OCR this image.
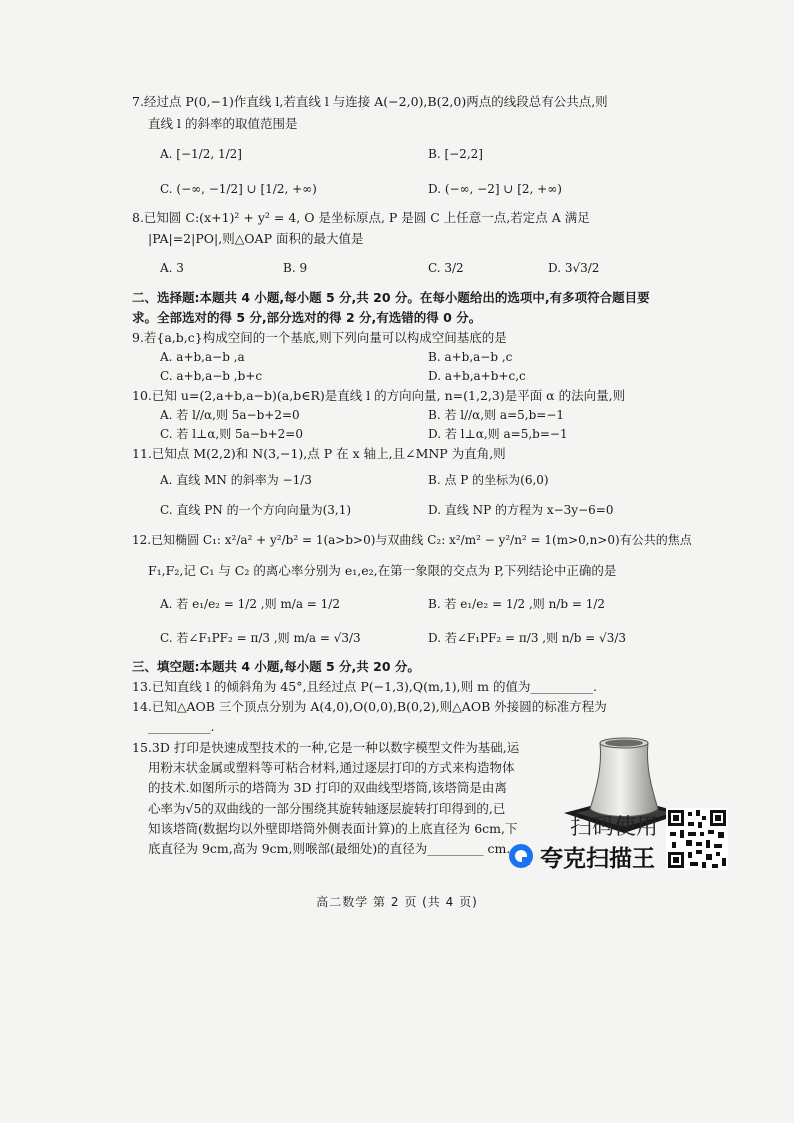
7.经过点 P(0,−1)作直线 l,若直线 l 与连接 A(−2,0),B(2,0)两点的线段总有公共点,则
直线 l 的斜率的取值范围是
A. [−1/2, 1/2]	B. [−2,2]
C. (−∞, −1/2] ∪ [1/2, +∞)	D. (−∞, −2] ∪ [2, +∞)
8.已知圆 C:(x+1)² + y² = 4, O 是坐标原点, P 是圆 C 上任意一点,若定点 A 满足
|PA|=2|PO|,则△OAP 面积的最大值是
A. 3	B. 9	C. 3/2	D. 3√3/2
二、选择题:本题共 4 小题,每小题 5 分,共 20 分。在每小题给出的选项中,有多项符合题目要
求。全部选对的得 5 分,部分选对的得 2 分,有选错的得 0 分。
9.若{a,b,c}构成空间的一个基底,则下列向量可以构成空间基底的是
A. a+b,a−b ,a	B. a+b,a−b ,c
C. a+b,a−b ,b+c	D. a+b,a+b+c,c
10.已知 u=(2,a+b,a−b)(a,b∈R)是直线 l 的方向向量, n=(1,2,3)是平面 α 的法向量,则
A. 若 l//α,则 5a−b+2=0	B. 若 l//α,则 a=5,b=−1
C. 若 l⊥α,则 5a−b+2=0	D. 若 l⊥α,则 a=5,b=−1
11.已知点 M(2,2)和 N(3,−1),点 P 在 x 轴上,且∠MNP 为直角,则
A. 直线 MN 的斜率为 −1/3	B. 点 P 的坐标为(6,0)
C. 直线 PN 的一个方向向量为(3,1)	D. 直线 NP 的方程为 x−3y−6=0
12.已知椭圆 C₁: x²/a² + y²/b² = 1(a>b>0)与双曲线 C₂: x²/m² − y²/n² = 1(m>0,n>0)有公共的焦点
F₁,F₂,记 C₁ 与 C₂ 的离心率分别为 e₁,e₂,在第一象限的交点为 P,下列结论中正确的是
A. 若 e₁/e₂ = 1/2 ,则 m/a = 1/2	B. 若 e₁/e₂ = 1/2 ,则 n/b = 1/2
C. 若∠F₁PF₂ = π/3 ,则 m/a = √3/3	D. 若∠F₁PF₂ = π/3 ,则 n/b = √3/3
三、填空题:本题共 4 小题,每小题 5 分,共 20 分。
13.已知直线 l 的倾斜角为 45°,且经过点 P(−1,3),Q(m,1),则 m 的值为__________.
14.已知△AOB 三个顶点分别为 A(4,0),O(0,0),B(0,2),则△AOB 外接圆的标准方程为
__________.
15.3D 打印是快速成型技术的一种,它是一种以数字模型文件为基础,运
用粉末状金属或塑料等可粘合材料,通过逐层打印的方式来构造物体
的技术.如图所示的塔筒为 3D 打印的双曲线型塔筒,该塔筒是由离
心率为√5的双曲线的一部分围绕其旋转轴逐层旋转打印得到的,已
知该塔筒(数据均以外壁即塔筒外侧表面计算)的上底直径为 6cm,下
底直径为 9cm,高为 9cm,则喉部(最细处)的直径为_________ cm.
高二数学 第 2 页 (共 4 页)
扫码使用
夸克扫描王
